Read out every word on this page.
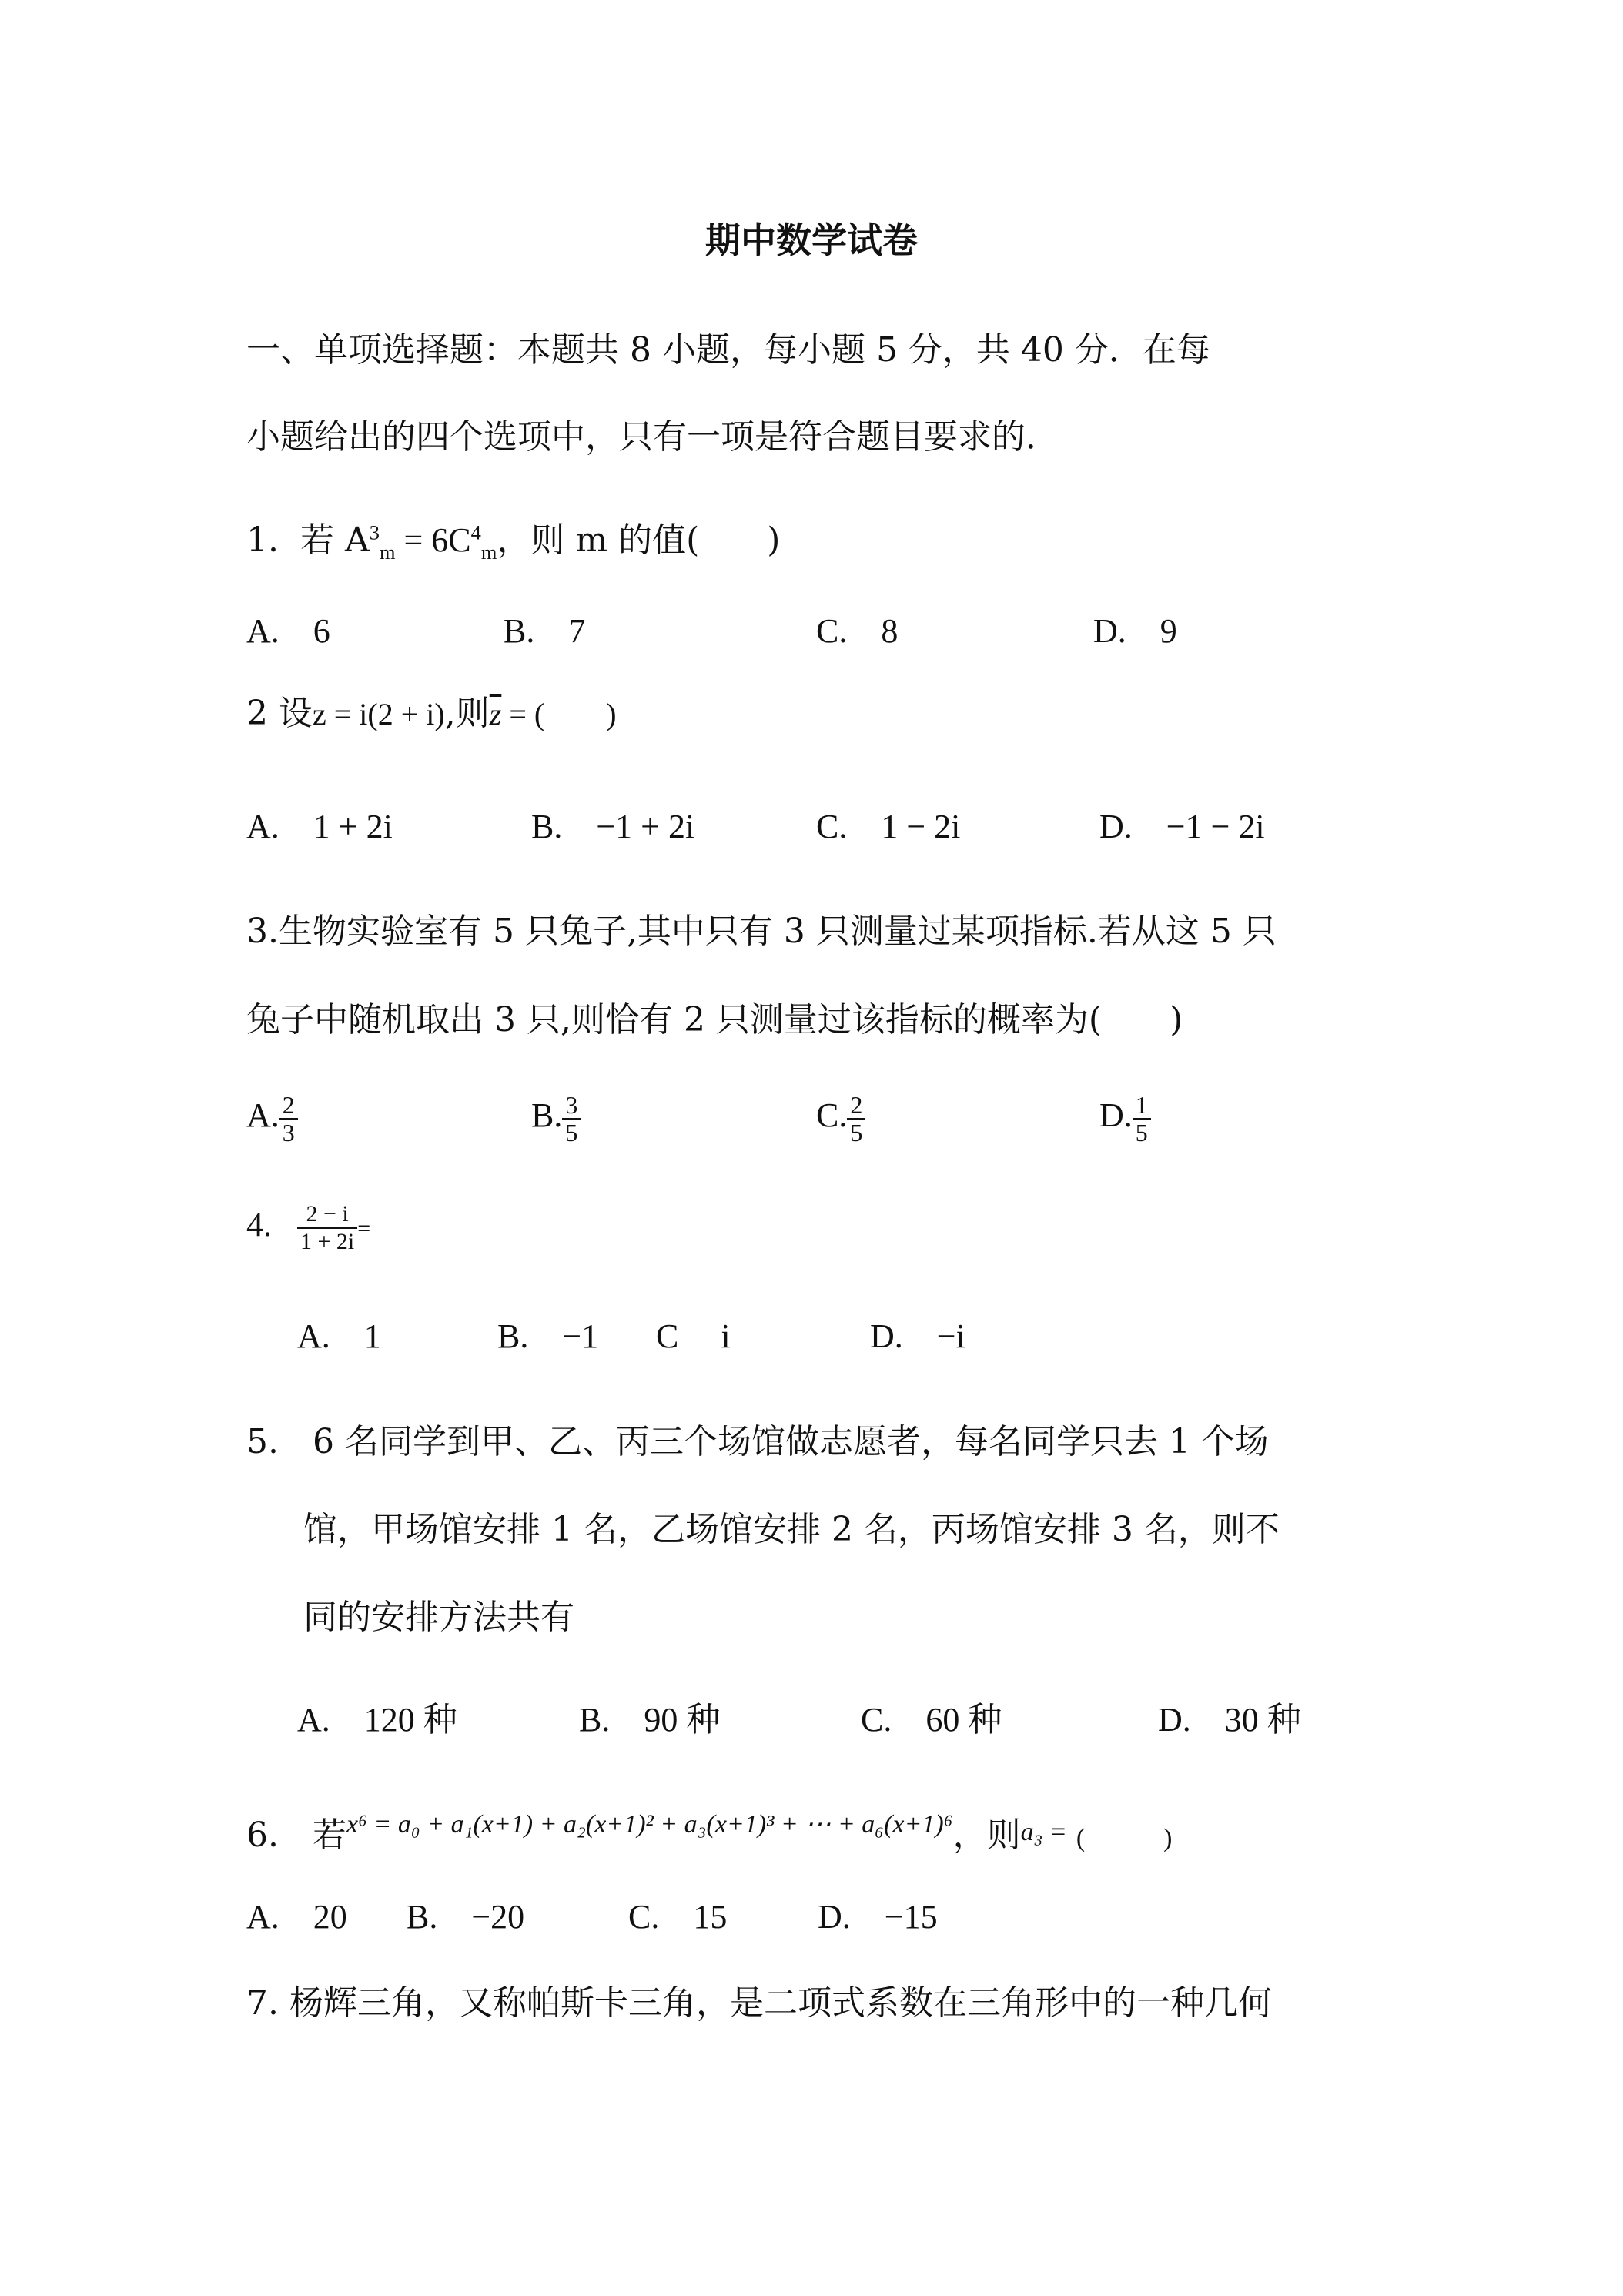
期中数学试卷
一、单项选择题：本题共 8 小题，每小题 5 分，共 40 分．在每
小题给出的四个选项中，只有一项是符合题目要求的．
1. 若 $A^3_m = 6C^4_m$，则 m 的值(　　)
A.　6	B.　7	C.　8	D.　9
2 设z = i(2 + i),则$\overline{z}$ = (　　)
A.　1 + 2i	B.　−1 + 2i	C.　1 − 2i	D.　−1 − 2i
3.生物实验室有 5 只兔子,其中只有 3 只测量过某项指标.若从这 5 只
兔子中随机取出 3 只,则恰有 2 只测量过该指标的概率为(　　)
A. $\frac{2}{3}$	B. $\frac{3}{5}$	C. $\frac{2}{5}$	D. $\frac{1}{5}$
4. $\frac{2 - i}{1 + 2i}$ =
A.　1	B.　−1 C　 i	D.　−i
5.　6 名同学到甲、乙、丙三个场馆做志愿者，每名同学只去 1 个场
馆，甲场馆安排 1 名，乙场馆安排 2 名，丙场馆安排 3 名，则不
同的安排方法共有
A.　120 种	B.　90 种	C.　60 种	D.　30 种
6.　若$^{x^6 = a_0 + a_1(x+1) + a_2(x+1)^2 + a_3(x+1)^3 + \cdots + a_6(x+1)^6}$，则a₃ = (　　　)
A.　20 B.　−20	C.　15	D.　−15
7. 杨辉三角，又称帕斯卡三角，是二项式系数在三角形中的一种几何
